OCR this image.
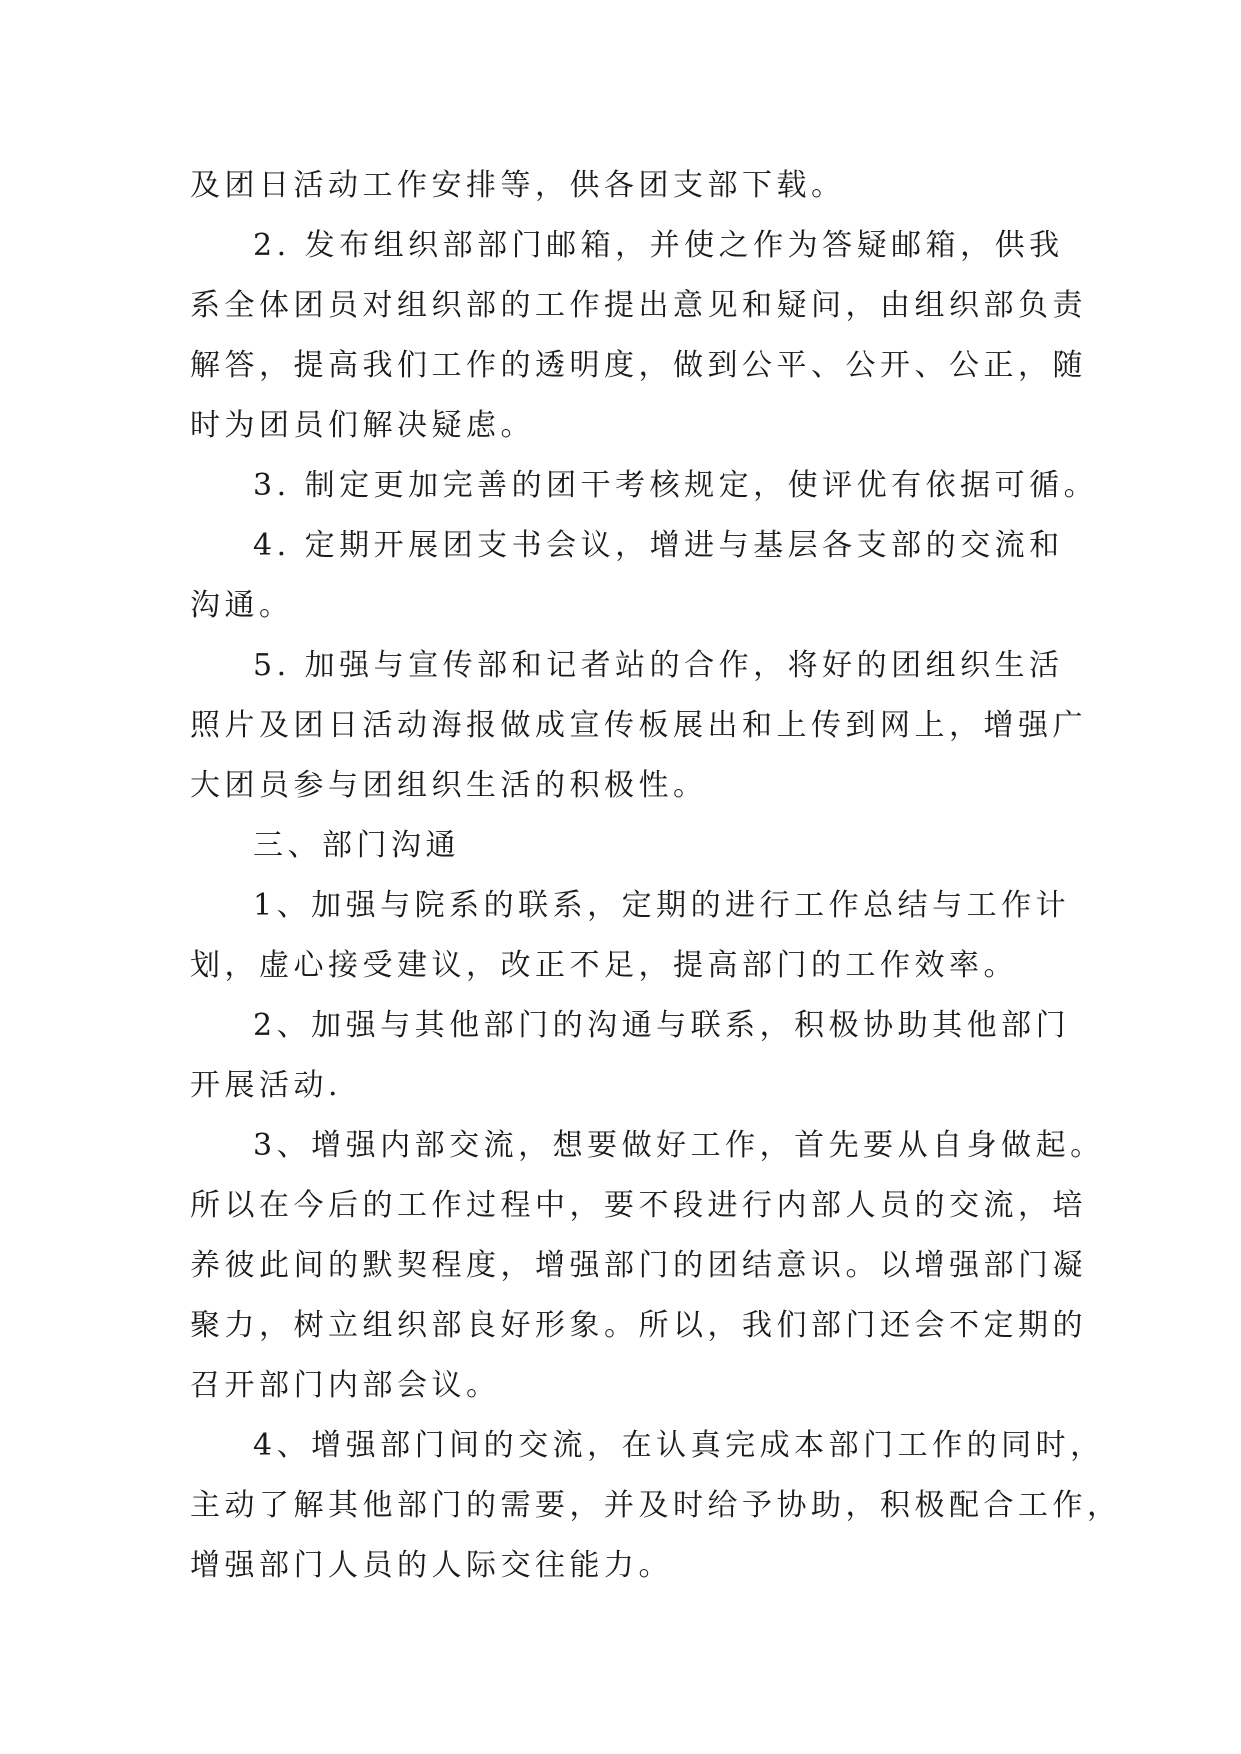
及团日活动工作安排等，供各团支部下载。
2. 发布组织部部门邮箱，并使之作为答疑邮箱，供我
系全体团员对组织部的工作提出意见和疑问，由组织部负责
解答，提高我们工作的透明度，做到公平、公开、公正，随
时为团员们解决疑虑。
3. 制定更加完善的团干考核规定，使评优有依据可循。
4. 定期开展团支书会议，增进与基层各支部的交流和
沟通。
5. 加强与宣传部和记者站的合作，将好的团组织生活
照片及团日活动海报做成宣传板展出和上传到网上，增强广
大团员参与团组织生活的积极性。
三、部门沟通
1、加强与院系的联系，定期的进行工作总结与工作计
划，虚心接受建议，改正不足，提高部门的工作效率。
2、加强与其他部门的沟通与联系，积极协助其他部门
开展活动.
3、增强内部交流，想要做好工作，首先要从自身做起。
所以在今后的工作过程中，要不段进行内部人员的交流，培
养彼此间的默契程度，增强部门的团结意识。以增强部门凝
聚力，树立组织部良好形象。所以，我们部门还会不定期的
召开部门内部会议。
4、增强部门间的交流，在认真完成本部门工作的同时，
主动了解其他部门的需要，并及时给予协助，积极配合工作，
增强部门人员的人际交往能力。
